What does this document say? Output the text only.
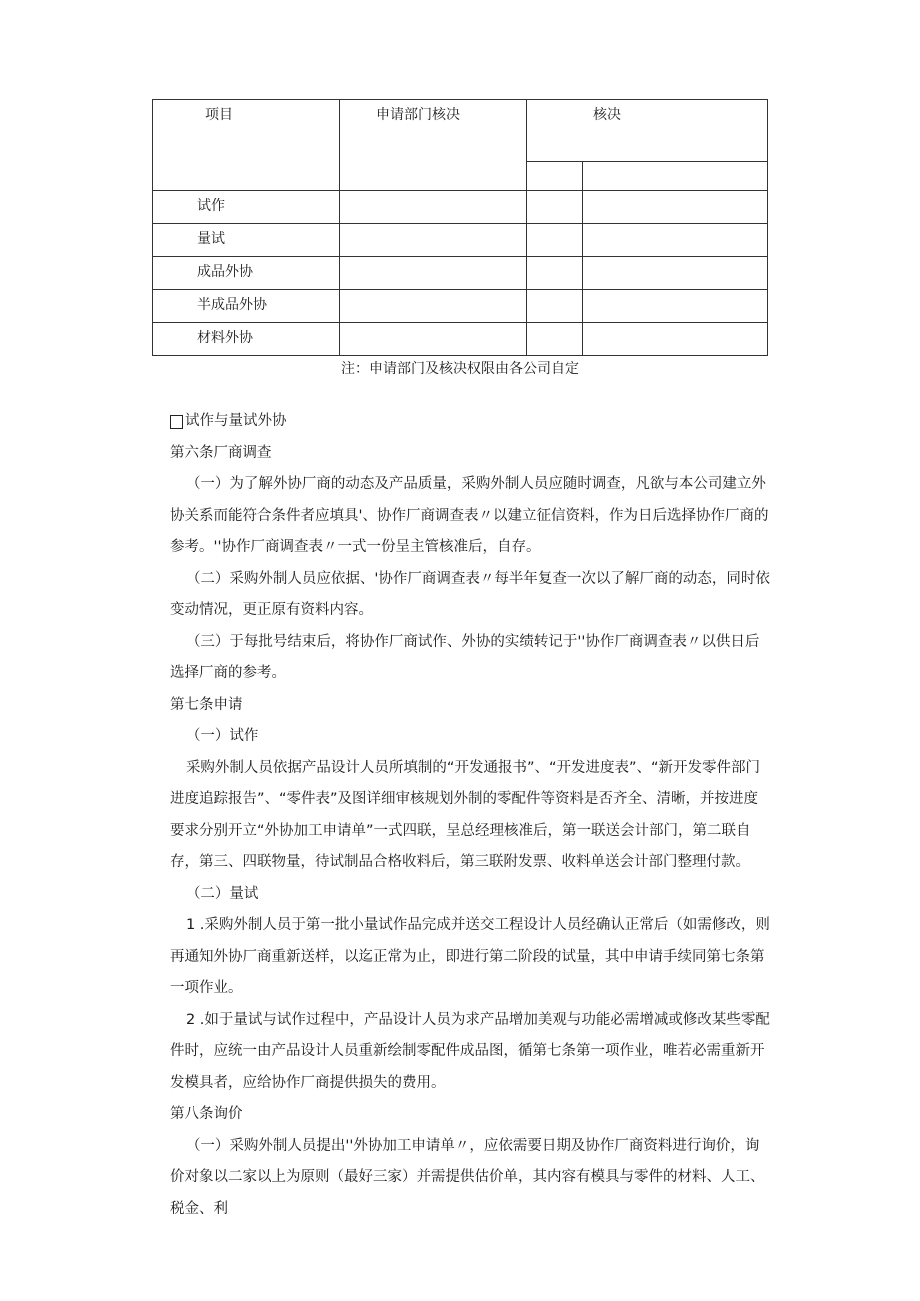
项目	申请部门核决	核决	

试作			
量试			
成品外协			
半成品外协			
材料外协			
注：申请部门及核决权限由各公司自定
试作与量试外协

第六条厂商调查

（一）为了解外协厂商的动态及产品质量，采购外制人员应随时调查，凡欲与本公司建立外协关系而能符合条件者应填具'、协作厂商调查表〃以建立征信资料，作为日后选择协作厂商的参考。''协作厂商调查表〃一式一份呈主管核准后，自存。

（二）采购外制人员应依据、'协作厂商调查表〃每半年复查一次以了解厂商的动态，同时依变动情况，更正原有资料内容。

（三）于每批号结束后，将协作厂商试作、外协的实绩转记于''协作厂商调查表〃以供日后选择厂商的参考。

第七条申请

（一）试作

采购外制人员依据产品设计人员所填制的“开发通报书”、“开发进度表”、“新开发零件部门进度追踪报告”、“零件表”及图详细审核规划外制的零配件等资料是否齐全、清晰，并按进度要求分别开立“外协加工申请单”一式四联，呈总经理核准后，第一联送会计部门，第二联自存，第三、四联物量，待试制品合格收料后，第三联附发票、收料单送会计部门整理付款。

（二）量试

1 .采购外制人员于第一批小量试作品完成并送交工程设计人员经确认正常后（如需修改，则再通知外协厂商重新送样，以迄正常为止，即进行第二阶段的试量，其中申请手续同第七条第一项作业。

2 .如于量试与试作过程中，产品设计人员为求产品增加美观与功能必需增减或修改某些零配件时，应统一由产品设计人员重新绘制零配件成品图，循第七条第一项作业，唯若必需重新开发模具者，应给协作厂商提供损失的费用。

第八条询价

（一）采购外制人员提出''外协加工申请单〃，应依需要日期及协作厂商资料进行询价，询价对象以二家以上为原则（最好三家）并需提供估价单，其内容有模具与零件的材料、人工、税金、利
